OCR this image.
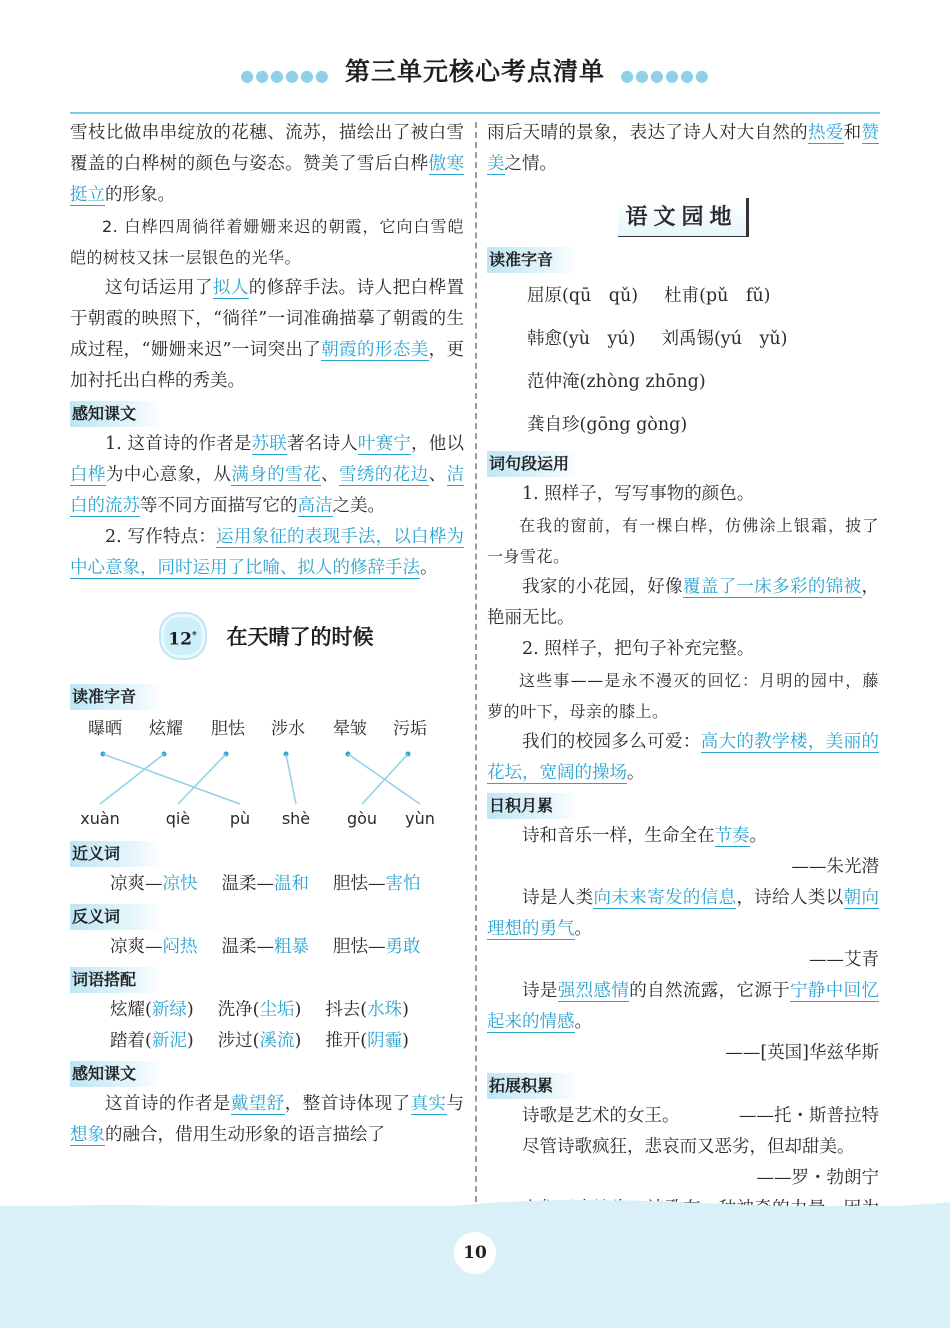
●●●●●● 第三单元核心考点清单 ●●●●●●

雪枝比做串串绽放的花穗、流苏，描绘出了被白雪覆盖的白桦树的颜色与姿态。赞美了雪后白桦傲寒挺立的形象。

2. 白桦四周徜徉着姗姗来迟的朝霞，它向白雪皑皑的树枝又抹一层银色的光华。

这句话运用了拟人的修辞手法。诗人把白桦置于朝霞的映照下，“徜徉”一词准确描摹了朝霞的生成过程，“姗姗来迟”一词突出了朝霞的形态美，更加衬托出白桦的秀美。

感知课文

1. 这首诗的作者是苏联著名诗人叶赛宁，他以白桦为中心意象，从满身的雪花、雪绣的花边、洁白的流苏等不同方面描写它的高洁之美。

2. 写作特点：运用象征的表现手法，以白桦为中心意象，同时运用了比喻、拟人的修辞手法。

12*	在天晴了的时候
读准字音
曝晒 炫耀 胆怯 涉水 晕皱 污垢
xuàn	qiè pù shè gòu yùn
近义词
凉爽—凉快 温柔—温和 胆怯—害怕
反义词
凉爽—闷热 温柔—粗暴 胆怯—勇敢
词语搭配
炫耀(新绿) 洗净(尘垢) 抖去(水珠)
踏着(新泥) 涉过(溪流) 推开(阴霾)
感知课文

这首诗的作者是戴望舒，整首诗体现了真实与想象的融合，借用生动形象的语言描绘了

雨后天晴的景象，表达了诗人对大自然的热爱和赞美之情。

语文园地
读准字音
屈原(qū　qǔ) 杜甫(pǔ　fǔ)
韩愈(yù　yú) 刘禹锡(yú　yǔ)
范仲淹(zhòng zhōng)
龚自珍(gōng gòng)
词句段运用

1. 照样子，写写事物的颜色。

在我的窗前，有一棵白桦，仿佛涂上银霜，披了一身雪花。

我家的小花园，好像覆盖了一床多彩的锦被，艳丽无比。

2. 照样子，把句子补充完整。

这些事——是永不漫灭的回忆：月明的园中，藤萝的叶下，母亲的膝上。

我们的校园多么可爱：高大的教学楼，美丽的花坛，宽阔的操场。

日积月累

诗和音乐一样，生命全在节奏。

——朱光潜

诗是人类向未来寄发的信息，诗给人类以朝向理想的勇气。

——艾青

诗是强烈感情的自然流露，它源于宁静中回忆起来的情感。

——[英国]华兹华斯

拓展积累

诗歌是艺术的女王。	——托・斯普拉特

尽管诗歌疯狂，悲哀而又恶劣，但却甜美。

——罗・勃朗宁

10
